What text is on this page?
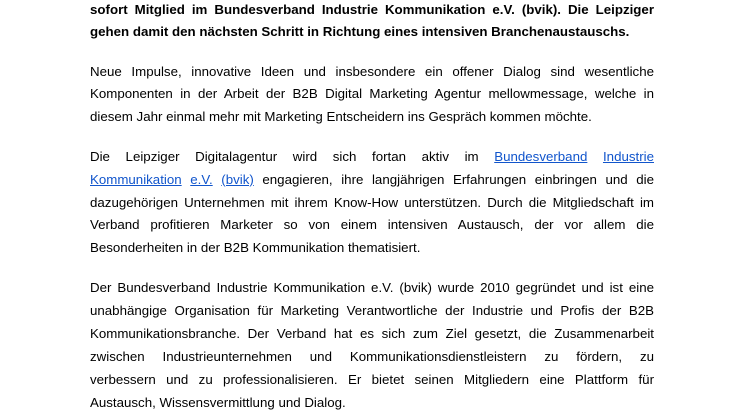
sofort Mitglied im Bundesverband Industrie Kommunikation e.V. (bvik). Die Leipziger
gehen damit den nächsten Schritt in Richtung eines intensiven Branchenaustauschs.
Neue Impulse, innovative Ideen und insbesondere ein offener Dialog sind wesentliche
Komponenten in der Arbeit der B2B Digital Marketing Agentur mellowmessage, welche in
diesem Jahr einmal mehr mit Marketing Entscheidern ins Gespräch kommen möchte.
Die Leipziger Digitalagentur wird sich fortan aktiv im Bundesverband Industrie
Kommunikation e.V. (bvik) engagieren, ihre langjährigen Erfahrungen einbringen und die
dazugehörigen Unternehmen mit ihrem Know-How unterstützen. Durch die Mitgliedschaft im
Verband profitieren Marketer so von einem intensiven Austausch, der vor allem die
Besonderheiten in der B2B Kommunikation thematisiert.
Der Bundesverband Industrie Kommunikation e.V. (bvik) wurde 2010 gegründet und ist eine
unabhängige Organisation für Marketing Verantwortliche der Industrie und Profis der B2B
Kommunikationsbranche. Der Verband hat es sich zum Ziel gesetzt, die Zusammenarbeit
zwischen Industrieunternehmen und Kommunikationsdienstleistern zu fördern, zu
verbessern und zu professionalisieren. Er bietet seinen Mitgliedern eine Plattform für
Austausch, Wissensvermittlung und Dialog.
